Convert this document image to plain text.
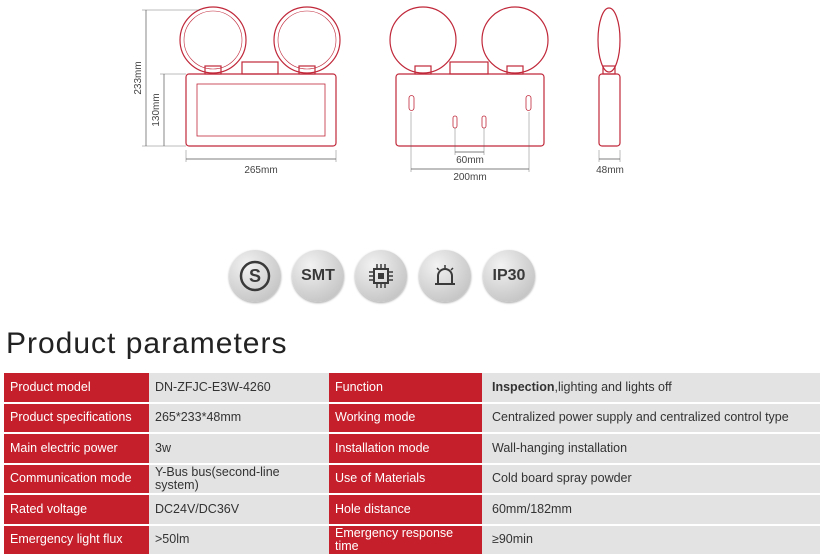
233mm
130mm
265mm
60mm
200mm
48mm
S	SMT	IP30
Product parameters
Product model	DN-ZFJC-E3W-4260	Function	Inspection,lighting and lights off
Product specifications	265*233*48mm	Working mode	Centralized power supply and centralized control type
Main electric power	3w	Installation mode	Wall-hanging installation
Communication mode	Y-Bus bus(second-line system)	Use of Materials	Cold board spray powder
Rated voltage	DC24V/DC36V	Hole distance	60mm/182mm
Emergency light flux	>50lm	Emergency response time	≥90min
